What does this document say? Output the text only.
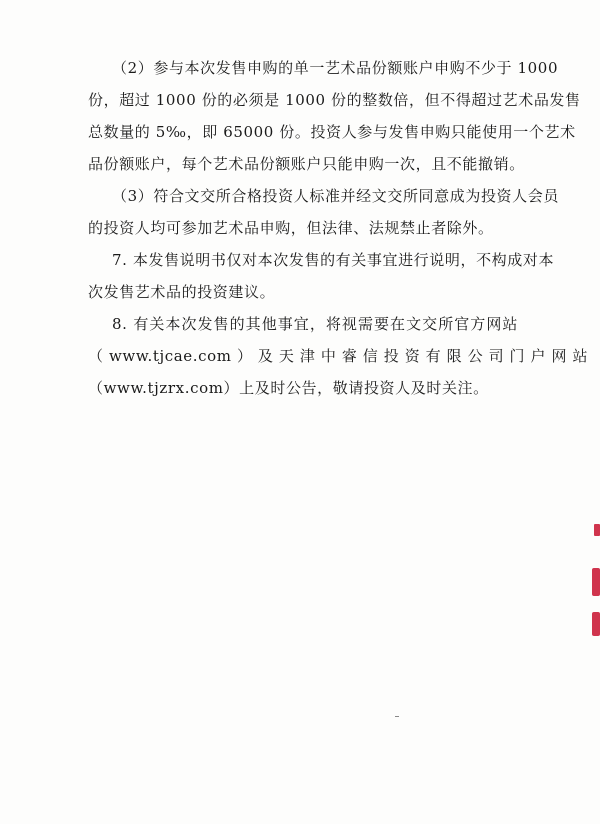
（2）参与本次发售申购的单一艺术品份额账户申购不少于 1000
份，超过 1000 份的必须是 1000 份的整数倍，但不得超过艺术品发售
总数量的 5‰，即 65000 份。投资人参与发售申购只能使用一个艺术
品份额账户，每个艺术品份额账户只能申购一次，且不能撤销。
（3）符合文交所合格投资人标准并经文交所同意成为投资人会员
的投资人均可参加艺术品申购，但法律、法规禁止者除外。
7. 本发售说明书仅对本次发售的有关事宜进行说明，不构成对本
次发售艺术品的投资建议。
8. 有关本次发售的其他事宜，将视需要在文交所官方网站
（ www.tjcae.com ） 及 天 津 中 睿 信 投 资 有 限 公 司 门 户 网 站
（www.tjzrx.com）上及时公告，敬请投资人及时关注。
